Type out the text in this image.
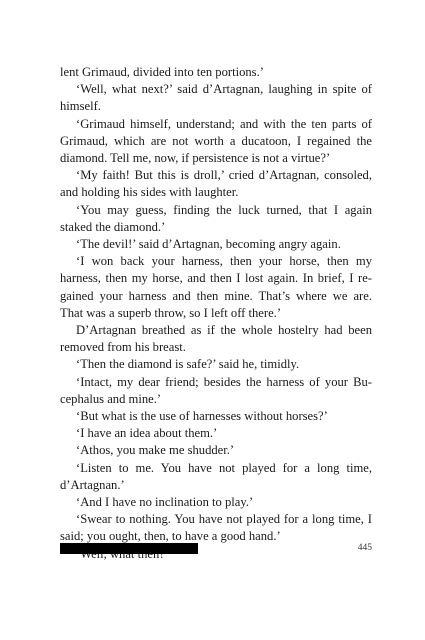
lent Grimaud, divided into ten portions.’

‘Well, what next?’ said d’Artagnan, laughing in spite of himself.

‘Grimaud himself, understand; and with the ten parts of Grimaud, which are not worth a ducatoon, I regained the diamond. Tell me, now, if persistence is not a virtue?’

‘My faith! But this is droll,’ cried d’Artagnan, consoled, and holding his sides with laughter.

‘You may guess, finding the luck turned, that I again staked the diamond.’

‘The devil!’ said d’Artagnan, becoming angry again.

‘I won back your harness, then your horse, then my harness, then my horse, and then I lost again. In brief, I regained your harness and then mine. That’s where we are. That was a superb throw, so I left off there.’

D’Artagnan breathed as if the whole hostelry had been removed from his breast.

‘Then the diamond is safe?’ said he, timidly.

‘Intact, my dear friend; besides the harness of your Bucephalus and mine.’

‘But what is the use of harnesses without horses?’

‘I have an idea about them.’

‘Athos, you make me shudder.’

‘Listen to me. You have not played for a long time, d’Artagnan.’

‘And I have no inclination to play.’

‘Swear to nothing. You have not played for a long time, I said; you ought, then, to have a good hand.’

445
